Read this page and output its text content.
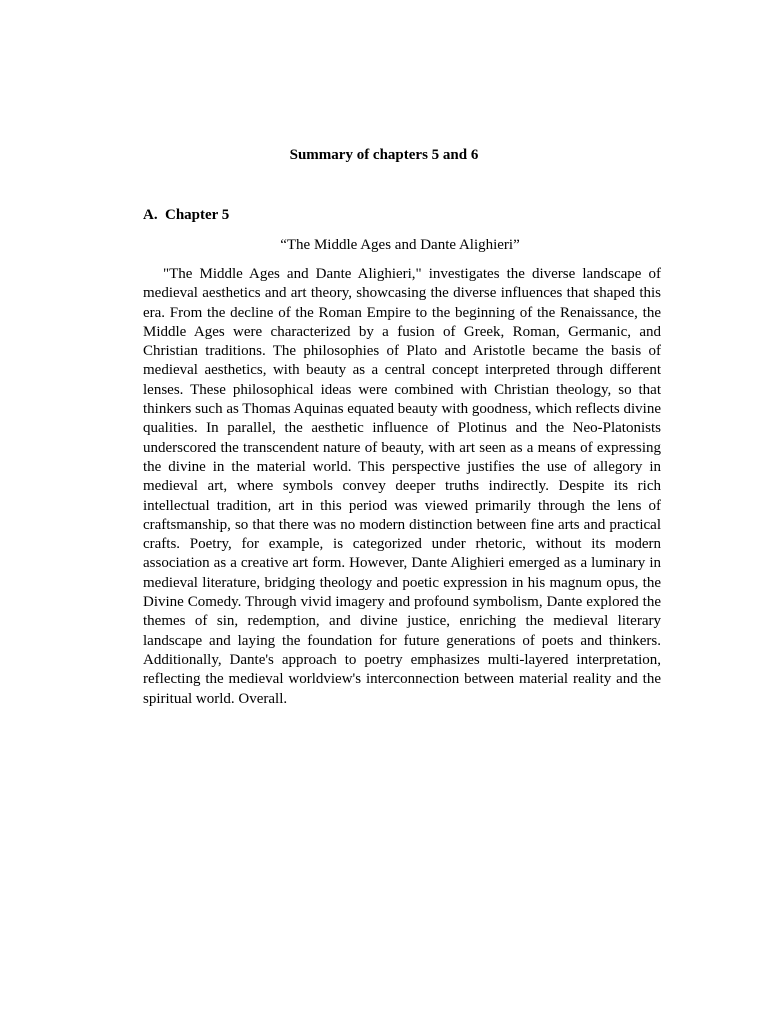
Summary of chapters 5 and 6
A. Chapter 5

“The Middle Ages and Dante Alighieri”

"The Middle Ages and Dante Alighieri," investigates the diverse landscape of medieval aesthetics and art theory, showcasing the diverse influences that shaped this era. From the decline of the Roman Empire to the beginning of the Renaissance, the Middle Ages were characterized by a fusion of Greek, Roman, Germanic, and Christian traditions. The philosophies of Plato and Aristotle became the basis of medieval aesthetics, with beauty as a central concept interpreted through different lenses. These philosophical ideas were combined with Christian theology, so that thinkers such as Thomas Aquinas equated beauty with goodness, which reflects divine qualities. In parallel, the aesthetic influence of Plotinus and the Neo-Platonists underscored the transcendent nature of beauty, with art seen as a means of expressing the divine in the material world. This perspective justifies the use of allegory in medieval art, where symbols convey deeper truths indirectly. Despite its rich intellectual tradition, art in this period was viewed primarily through the lens of craftsmanship, so that there was no modern distinction between fine arts and practical crafts. Poetry, for example, is categorized under rhetoric, without its modern association as a creative art form. However, Dante Alighieri emerged as a luminary in medieval literature, bridging theology and poetic expression in his magnum opus, the Divine Comedy. Through vivid imagery and profound symbolism, Dante explored the themes of sin, redemption, and divine justice, enriching the medieval literary landscape and laying the foundation for future generations of poets and thinkers. Additionally, Dante's approach to poetry emphasizes multi-layered interpretation, reflecting the medieval worldview's interconnection between material reality and the spiritual world. Overall.
